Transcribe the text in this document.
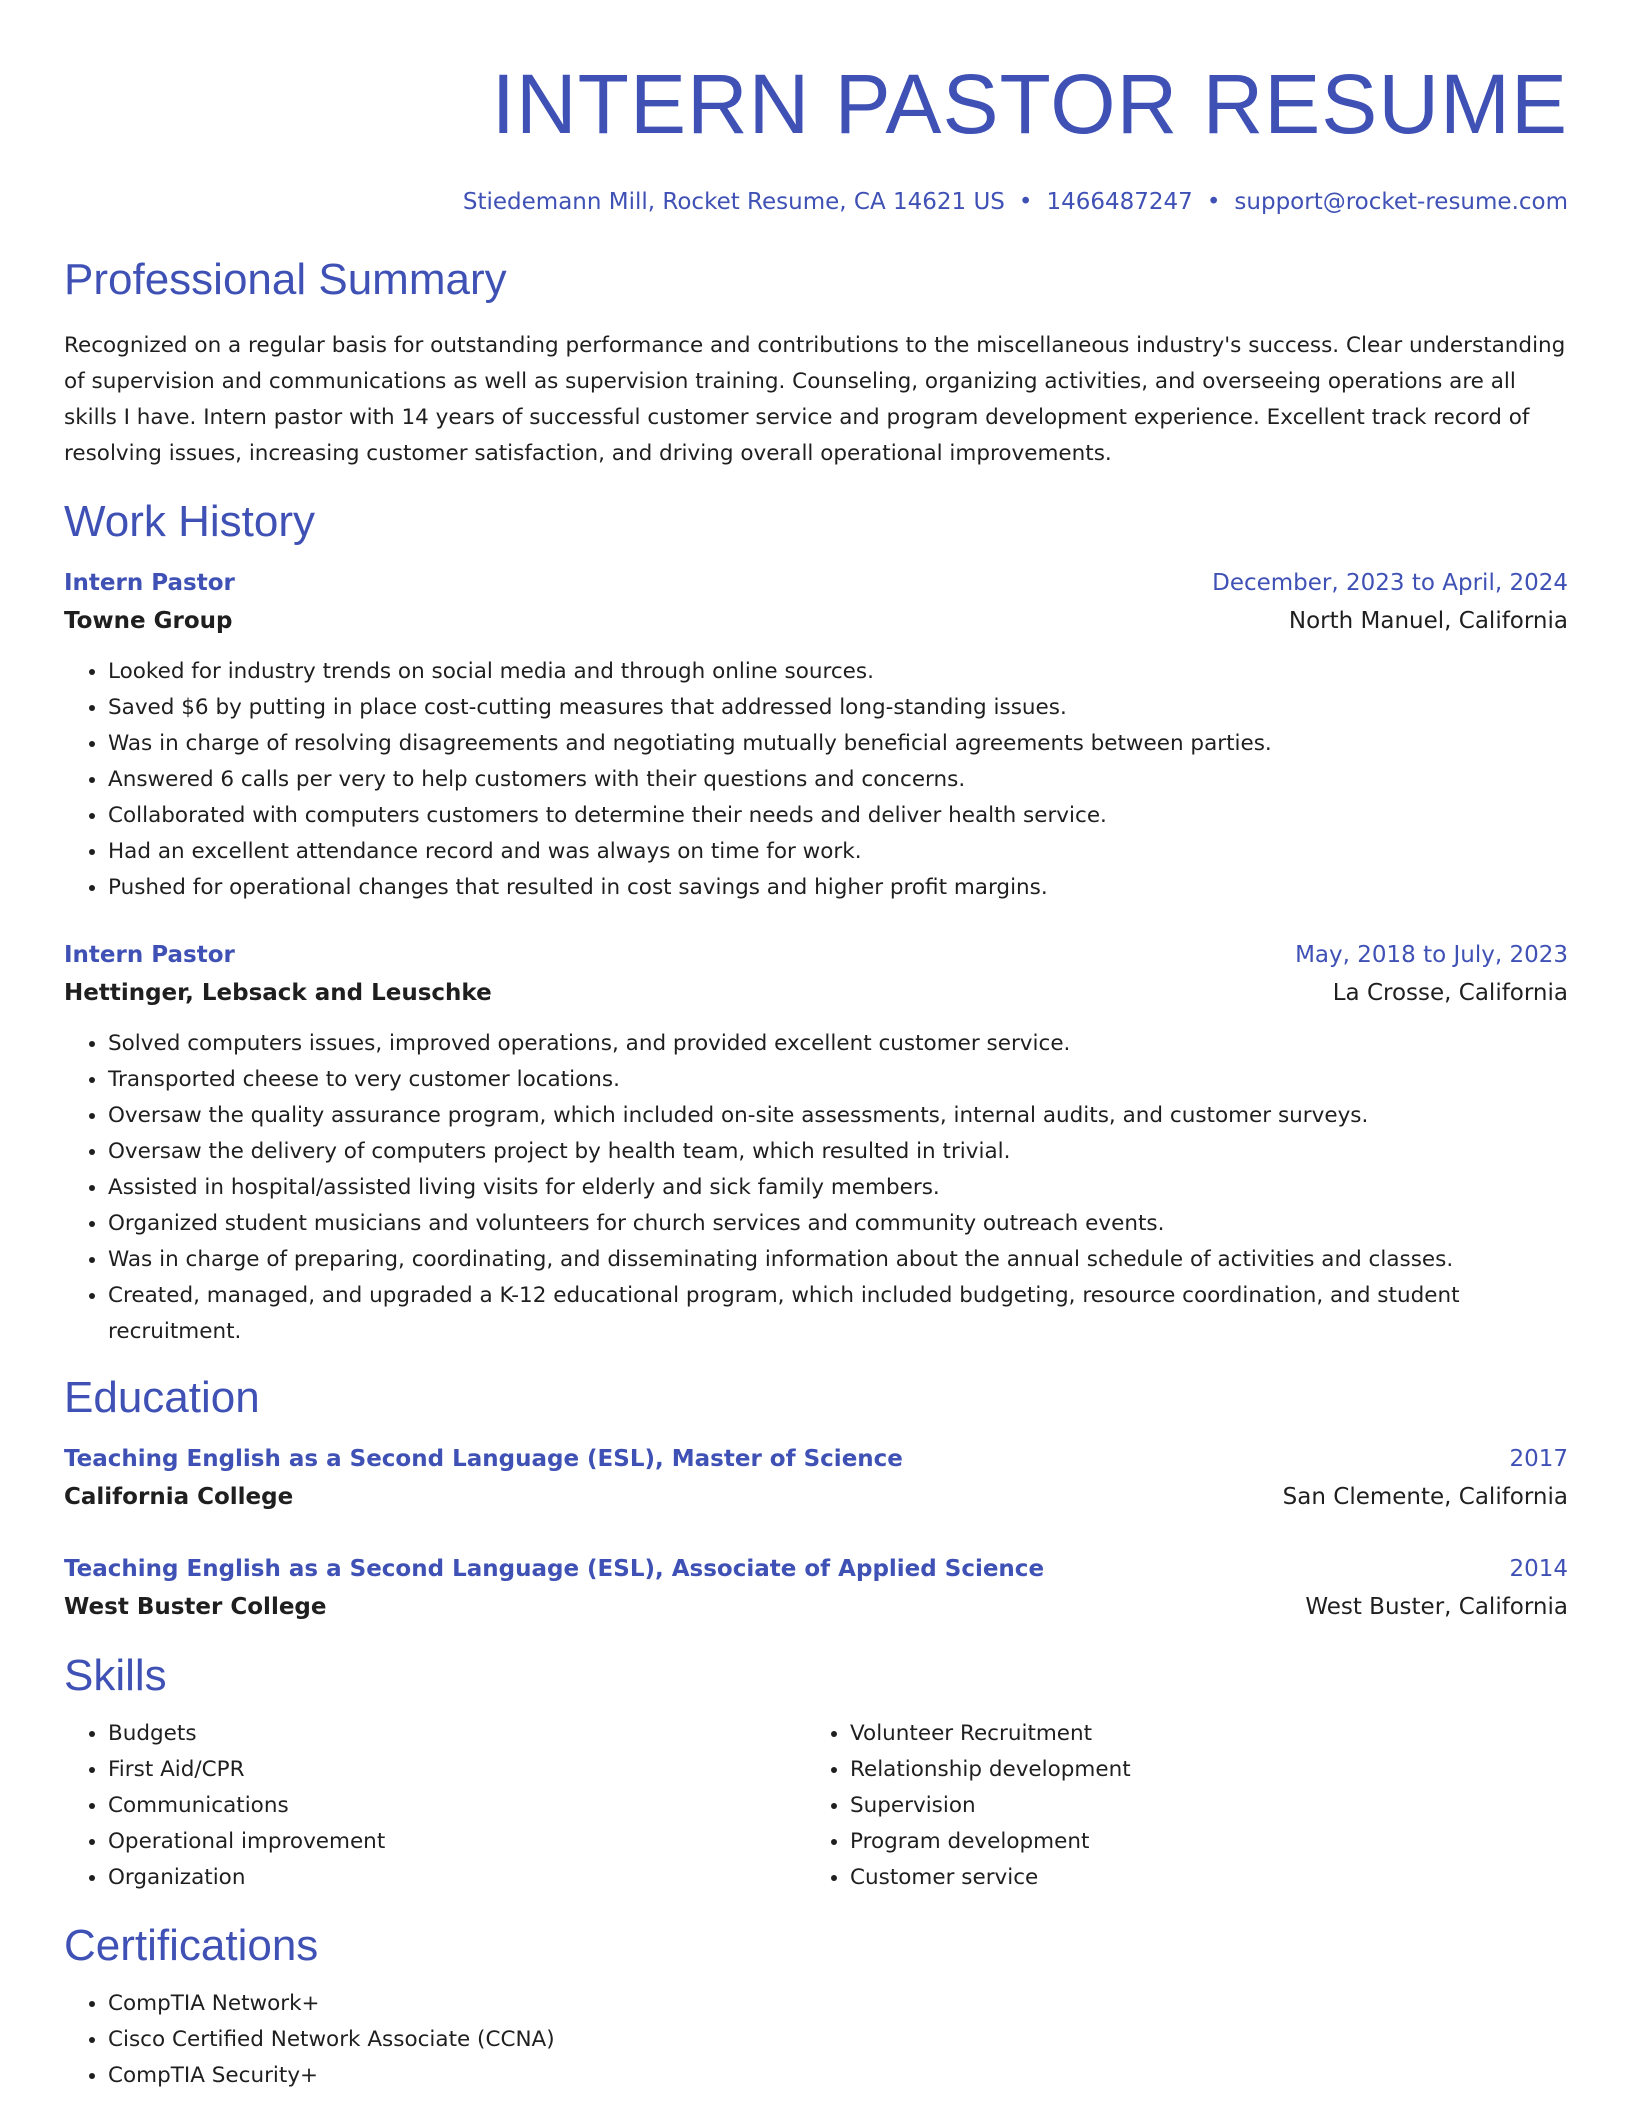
INTERN PASTOR RESUME
Stiedemann Mill, Rocket Resume, CA 14621 US • 1466487247 • support@rocket-resume.com
Professional Summary

Recognized on a regular basis for outstanding performance and contributions to the miscellaneous industry's success. Clear understanding of supervision and communications as well as supervision training. Counseling, organizing activities, and overseeing operations are all skills I have. Intern pastor with 14 years of successful customer service and program development experience. Excellent track record of resolving issues, increasing customer satisfaction, and driving overall operational improvements.

Work History
Intern Pastor	December, 2023 to April, 2024
Towne Group	North Manuel, California
• Looked for industry trends on social media and through online sources.
• Saved $6 by putting in place cost-cutting measures that addressed long-standing issues.
• Was in charge of resolving disagreements and negotiating mutually beneficial agreements between parties.
• Answered 6 calls per very to help customers with their questions and concerns.
• Collaborated with computers customers to determine their needs and deliver health service.
• Had an excellent attendance record and was always on time for work.
• Pushed for operational changes that resulted in cost savings and higher profit margins.
Intern Pastor	May, 2018 to July, 2023
Hettinger, Lebsack and Leuschke	La Crosse, California
• Solved computers issues, improved operations, and provided excellent customer service.
• Transported cheese to very customer locations.
• Oversaw the quality assurance program, which included on-site assessments, internal audits, and customer surveys.
• Oversaw the delivery of computers project by health team, which resulted in trivial.
• Assisted in hospital/assisted living visits for elderly and sick family members.
• Organized student musicians and volunteers for church services and community outreach events.
• Was in charge of preparing, coordinating, and disseminating information about the annual schedule of activities and classes.
• Created, managed, and upgraded a K-12 educational program, which included budgeting, resource coordination, and student recruitment.
Education
Teaching English as a Second Language (ESL), Master of Science	2017
California College	San Clemente, California
Teaching English as a Second Language (ESL), Associate of Applied Science	2014
West Buster College	West Buster, California
Skills
• Budgets
• First Aid/CPR
• Communications
• Operational improvement
• Organization
• Volunteer Recruitment
• Relationship development
• Supervision
• Program development
• Customer service
Certifications
• CompTIA Network+
• Cisco Certified Network Associate (CCNA)
• CompTIA Security+
